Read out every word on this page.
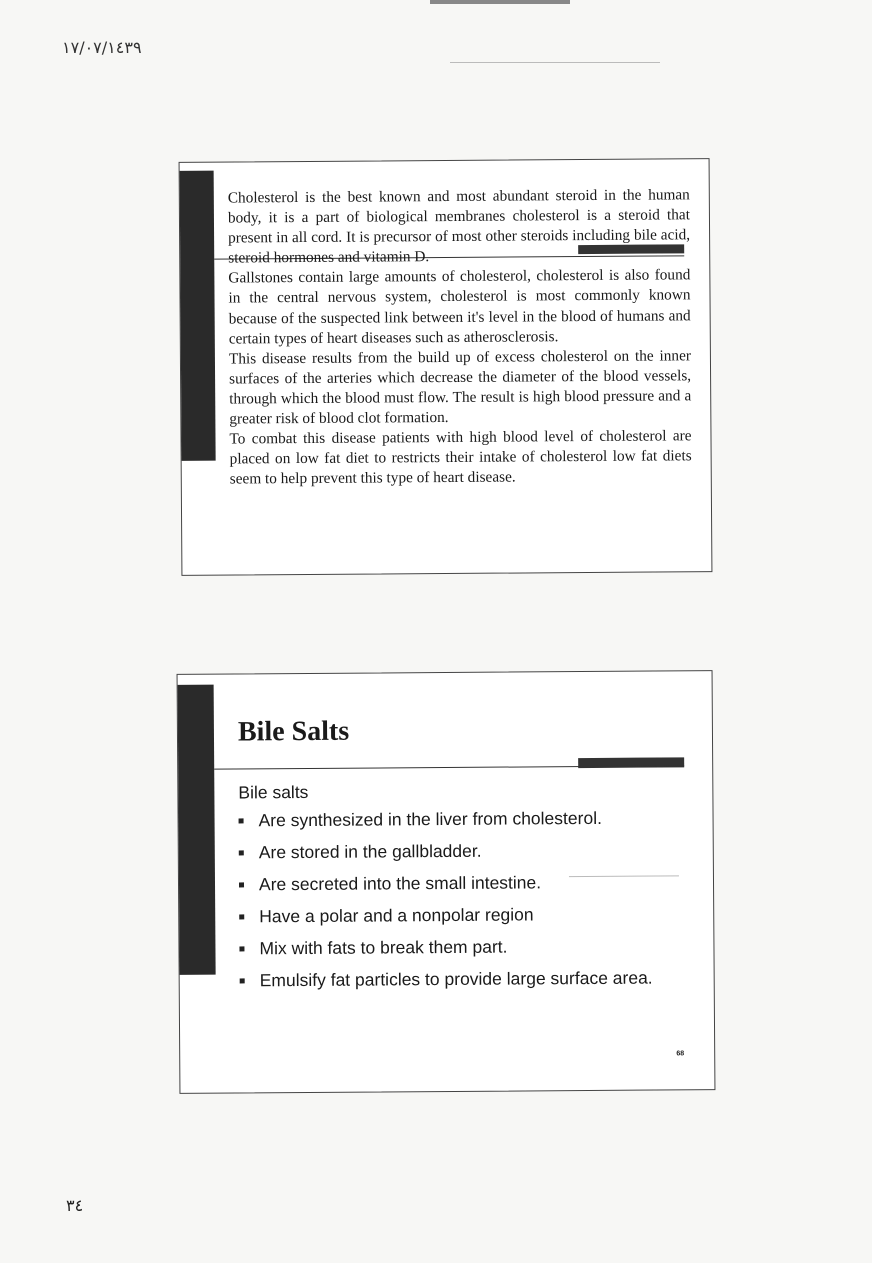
١٧/٠٧/١٤٣٩

Cholesterol is the best known and most abundant steroid in the human body, it is a part of biological membranes cholesterol is a steroid that present in all cord. It is precursor of most other steroids including bile acid, steroid hormones and vitamin D.

Gallstones contain large amounts of cholesterol, cholesterol is also found in the central nervous system, cholesterol is most commonly known because of the suspected link between it's level in the blood of humans and certain types of heart diseases such as atherosclerosis.

This disease results from the build up of excess cholesterol on the inner surfaces of the arteries which decrease the diameter of the blood vessels, through which the blood must flow. The result is high blood pressure and a greater risk of blood clot formation.

To combat this disease patients with high blood level of cholesterol are placed on low fat diet to restricts their intake of cholesterol low fat diets seem to help prevent this type of heart disease.

Bile Salts
Bile salts
Are synthesized in the liver from cholesterol.
Are stored in the gallbladder.
Are secreted into the small intestine.
Have a polar and a nonpolar region
Mix with fats to break them part.
Emulsify fat particles to provide large surface area.
68
٣٤
